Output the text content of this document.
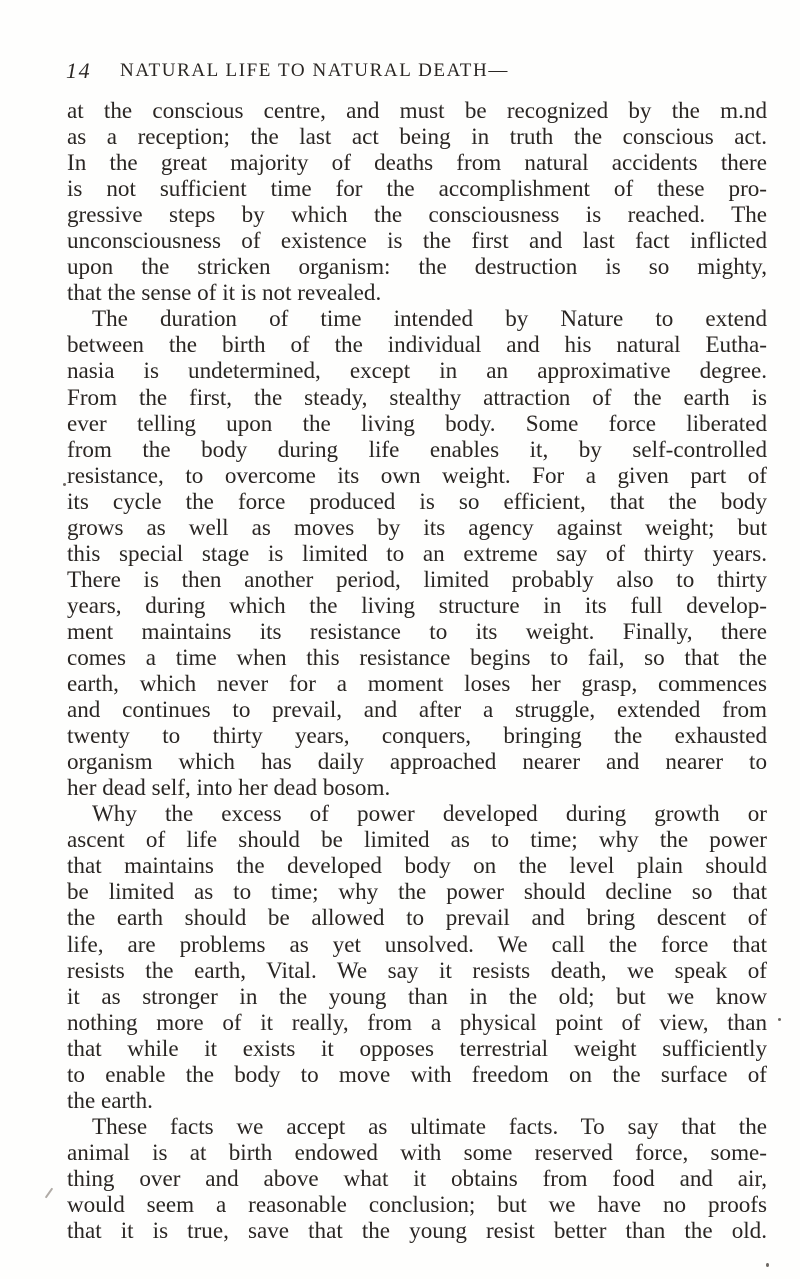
14 NATURAL LIFE TO NATURAL DEATH—
at the conscious centre, and must be recognized by the m.nd
as a reception; the last act being in truth the conscious act.
In the great majority of deaths from natural accidents there
is not sufficient time for the accomplishment of these pro-
gressive steps by which the consciousness is reached. The
unconsciousness of existence is the first and last fact inflicted
upon the stricken organism: the destruction is so mighty,
that the sense of it is not revealed.
The duration of time intended by Nature to extend
between the birth of the individual and his natural Eutha-
nasia is undetermined, except in an approximative degree.
From the first, the steady, stealthy attraction of the earth is
ever telling upon the living body. Some force liberated
from the body during life enables it, by self-controlled
resistance, to overcome its own weight. For a given part of
its cycle the force produced is so efficient, that the body
grows as well as moves by its agency against weight; but
this special stage is limited to an extreme say of thirty years.
There is then another period, limited probably also to thirty
years, during which the living structure in its full develop-
ment maintains its resistance to its weight. Finally, there
comes a time when this resistance begins to fail, so that the
earth, which never for a moment loses her grasp, commences
and continues to prevail, and after a struggle, extended from
twenty to thirty years, conquers, bringing the exhausted
organism which has daily approached nearer and nearer to
her dead self, into her dead bosom.
Why the excess of power developed during growth or
ascent of life should be limited as to time; why the power
that maintains the developed body on the level plain should
be limited as to time; why the power should decline so that
the earth should be allowed to prevail and bring descent of
life, are problems as yet unsolved. We call the force that
resists the earth, Vital. We say it resists death, we speak of
it as stronger in the young than in the old; but we know
nothing more of it really, from a physical point of view, than
that while it exists it opposes terrestrial weight sufficiently
to enable the body to move with freedom on the surface of
the earth.
These facts we accept as ultimate facts. To say that the
animal is at birth endowed with some reserved force, some-
thing over and above what it obtains from food and air,
would seem a reasonable conclusion; but we have no proofs
that it is true, save that the young resist better than the old.
